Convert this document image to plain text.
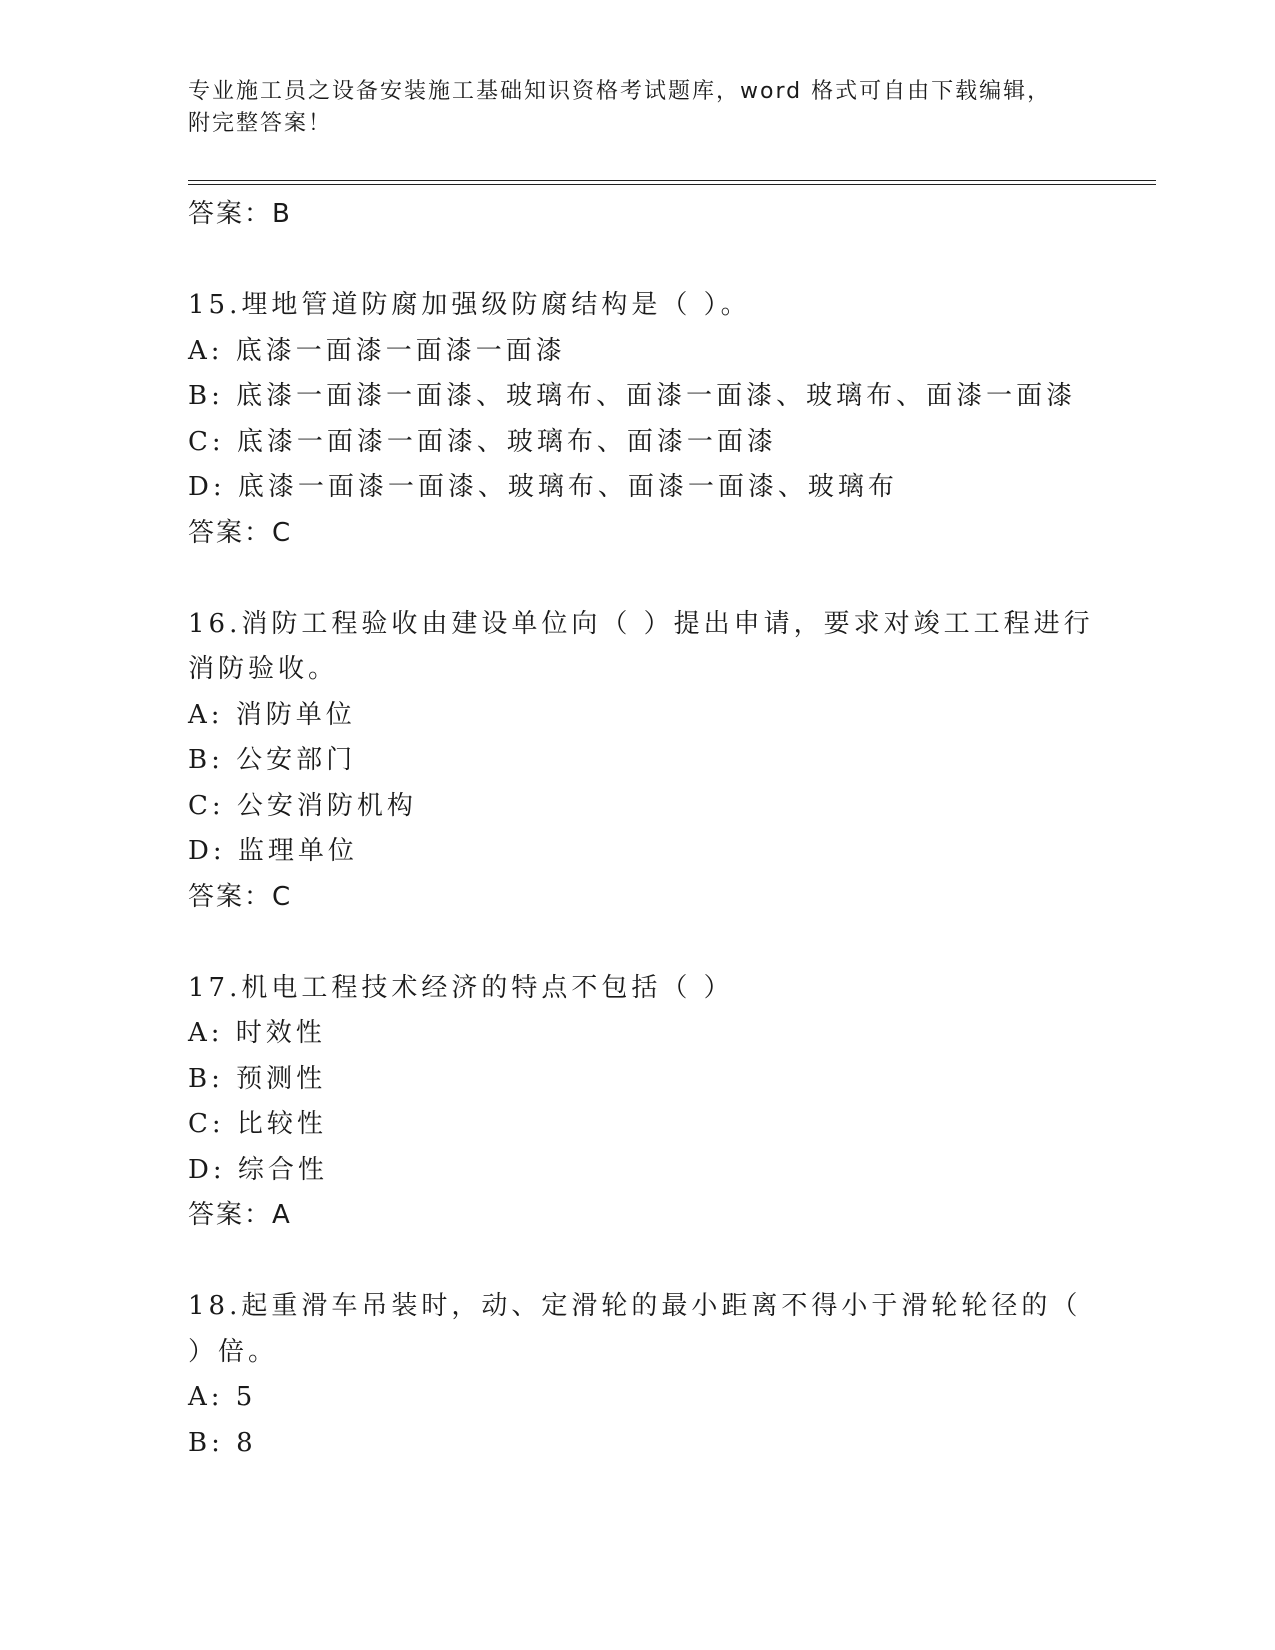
专业施工员之设备安装施工基础知识资格考试题库，word 格式可自由下载编辑，
附完整答案！
答案：B
15.埋地管道防腐加强级防腐结构是（ ）。
A: 底漆一面漆一面漆一面漆
B: 底漆一面漆一面漆、玻璃布、面漆一面漆、玻璃布、面漆一面漆
C: 底漆一面漆一面漆、玻璃布、面漆一面漆
D: 底漆一面漆一面漆、玻璃布、面漆一面漆、玻璃布
答案：C
16.消防工程验收由建设单位向（ ）提出申请，要求对竣工工程进行
消防验收。
A: 消防单位
B: 公安部门
C: 公安消防机构
D: 监理单位
答案：C
17.机电工程技术经济的特点不包括（ ）
A: 时效性
B: 预测性
C: 比较性
D: 综合性
答案：A
18.起重滑车吊装时，动、定滑轮的最小距离不得小于滑轮轮径的（
）倍。
A: 5
B: 8
